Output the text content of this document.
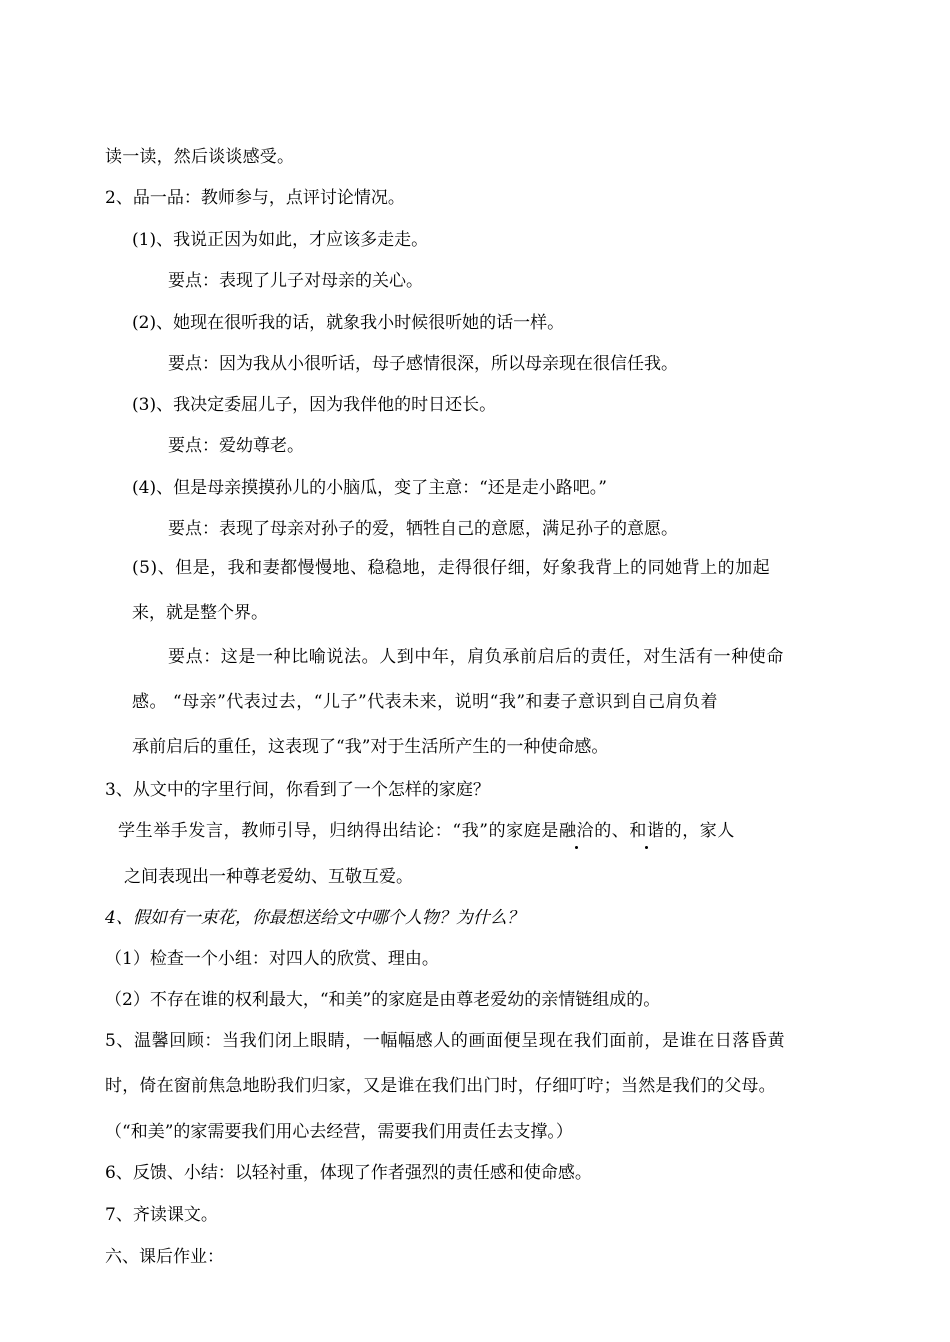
读一读，然后谈谈感受。
2、品一品：教师参与，点评讨论情况。
(1)、我说正因为如此，才应该多走走。
要点：表现了儿子对母亲的关心。
(2)、她现在很听我的话，就象我小时候很听她的话一样。
要点：因为我从小很听话，母子感情很深，所以母亲现在很信任我。
(3)、我决定委屈儿子，因为我伴他的时日还长。
要点：爱幼尊老。
(4)、但是母亲摸摸孙儿的小脑瓜，变了主意：“还是走小路吧。”
要点：表现了母亲对孙子的爱，牺牲自己的意愿，满足孙子的意愿。
(5)、但是，我和妻都慢慢地、稳稳地，走得很仔细，好象我背上的同她背上的加起
来，就是整个界。
要点：这是一种比喻说法。人到中年，肩负承前启后的责任，对生活有一种使命
感。 “母亲”代表过去，“儿子”代表未来，说明“我”和妻子意识到自己肩负着
承前启后的重任，这表现了“我”对于生活所产生的一种使命感。
3、从文中的字里行间，你看到了一个怎样的家庭？
学生举手发言，教师引导，归纳得出结论：“我”的家庭是融洽的、和谐的，家人
之间表现出一种尊老爱幼、互敬互爱。
4、假如有一束花，你最想送给文中哪个人物？为什么？
（1）检查一个小组：对四人的欣赏、理由。
（2）不存在谁的权利最大，“和美”的家庭是由尊老爱幼的亲情链组成的。
5、温馨回顾：当我们闭上眼睛，一幅幅感人的画面便呈现在我们面前，是谁在日落昏黄
时，倚在窗前焦急地盼我们归家，又是谁在我们出门时，仔细叮咛；当然是我们的父母。
（“和美”的家需要我们用心去经营，需要我们用责任去支撑。）
6、反馈、小结：以轻衬重，体现了作者强烈的责任感和使命感。
7、齐读课文。
六、课后作业：
